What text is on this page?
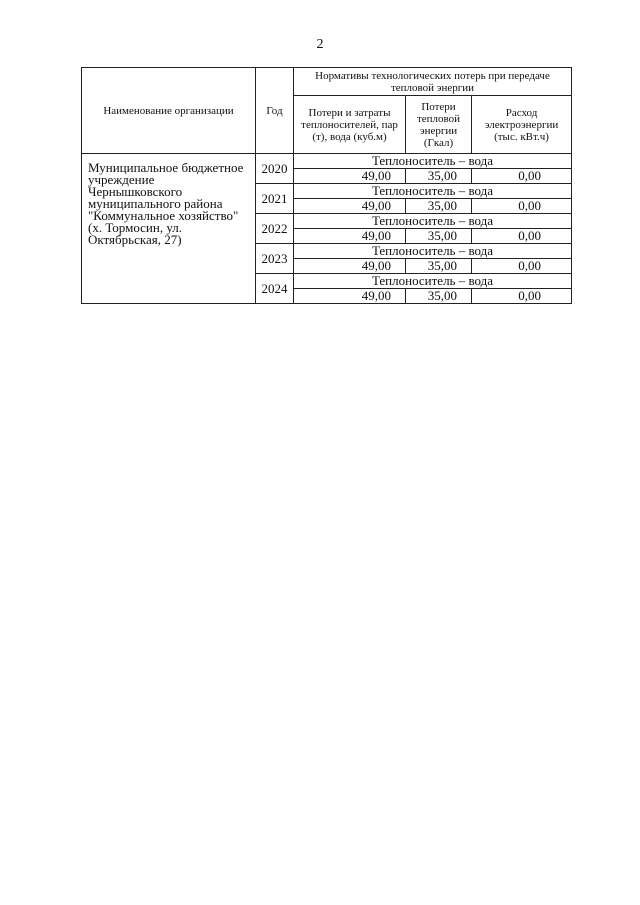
2
Наименование организации	Год	Нормативы технологических потерь при передаче тепловой энергии		
		Потери и затраты теплоносителей, пар (т), вода (куб.м)	Потери тепловой энергии (Гкал)	Расход электроэнергии (тыс. кВт.ч)
Муниципальное бюджетное учреждение Чернышковского муниципального района "Коммунальное хозяйство" (х. Тормосин, ул. Октябрьская, 27)	2020	Теплоноситель – вода		
		49,00	35,00	0,00
	2021	Теплоноситель – вода		
		49,00	35,00	0,00
	2022	Теплоноситель – вода		
		49,00	35,00	0,00
	2023	Теплоноситель – вода		
		49,00	35,00	0,00
	2024	Теплоноситель – вода		
		49,00	35,00	0,00
